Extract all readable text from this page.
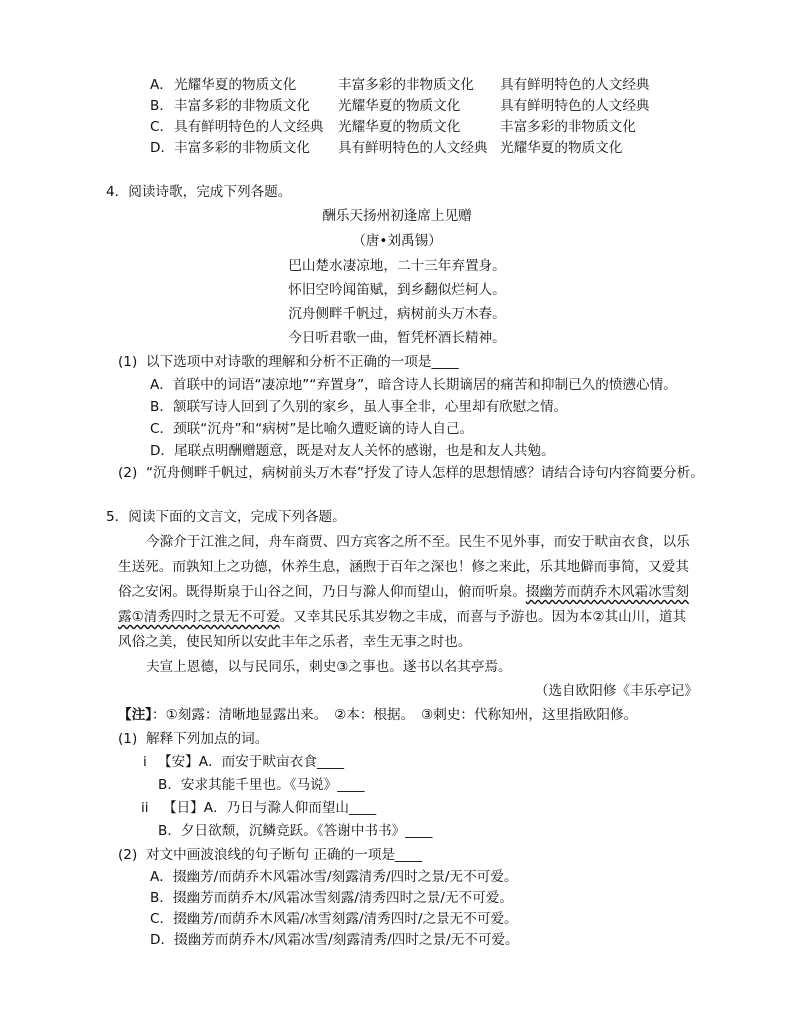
A． 光耀华夏的物质文化	丰富多彩的非物质文化 具有鲜明特色的人文经典
B． 丰富多彩的非物质文化 光耀华夏的物质文化	具有鲜明特色的人文经典
C． 具有鲜明特色的人文经典 光耀华夏的物质文化	丰富多彩的非物质文化
D． 丰富多彩的非物质文化 具有鲜明特色的人文经典 光耀华夏的物质文化
4．阅读诗歌，完成下列各题。
酬乐天扬州初逢席上见赠
（唐•刘禹锡）
巴山楚水凄凉地，二十三年弃置身。
怀旧空吟闻笛赋，到乡翻似烂柯人。
沉舟侧畔千帆过，病树前头万木春。
今日听君歌一曲，暂凭杯酒长精神。
(1) 以下选项中对诗歌的理解和分析不正确的一项是____
A．首联中的词语“凄凉地”“弃置身”，暗含诗人长期谪居的痛苦和抑制已久的愤懑心情。
B．颔联写诗人回到了久别的家乡，虽人事全非，心里却有欣慰之情。
C．颈联“沉舟”和“病树”是比喻久遭贬谪的诗人自己。
D．尾联点明酬赠题意，既是对友人关怀的感谢，也是和友人共勉。
(2) “沉舟侧畔千帆过，病树前头万木春”抒发了诗人怎样的思想情感？请结合诗句内容简要分析。
5．阅读下面的文言文，完成下列各题。
今滁介于江淮之间，舟车商贾、四方宾客之所不至。民生不见外事，而安于畎亩衣食，以乐
生送死。而孰知上之功德，休养生息，涵煦于百年之深也！修之来此，乐其地僻而事简，又爱其
俗之安闲。既得斯泉于山谷之间，乃日与滁人仰而望山，俯而听泉。掇幽芳而荫乔木风霜冰雪刻
露①清秀四时之景无不可爱。又幸其民乐其岁物之丰成，而喜与予游也。因为本②其山川，道其
风俗之美，使民知所以安此丰年之乐者，幸生无事之时也。
夫宣上恩德，以与民同乐，刺史③之事也。遂书以名其亭焉。
（选自欧阳修《丰乐亭记》
【注】：①刻露：清晰地显露出来。　②本：根据。　③刺史：代称知州，这里指欧阳修。
(1) 解释下列加点的词。
i 【安】A．而安于畎亩衣食____
B．安求其能千里也。《马说》____
ii 【日】A．乃日与滁人仰而望山____
B．夕日欲颓，沉鳞竞跃。《答谢中书书》____
(2) 对文中画波浪线的句子断句 正确的一项是____
A．掇幽芳/而荫乔木风霜冰雪/刻露清秀/四时之景/无不可爱。
B．掇幽芳而荫乔木/风霜冰雪刻露/清秀四时之景/无不可爱。
C．掇幽芳/而荫乔木风霜/冰雪刻露/清秀四时/之景无不可爱。
D．掇幽芳而荫乔木/风霜冰雪/刻露清秀/四时之景/无不可爱。
